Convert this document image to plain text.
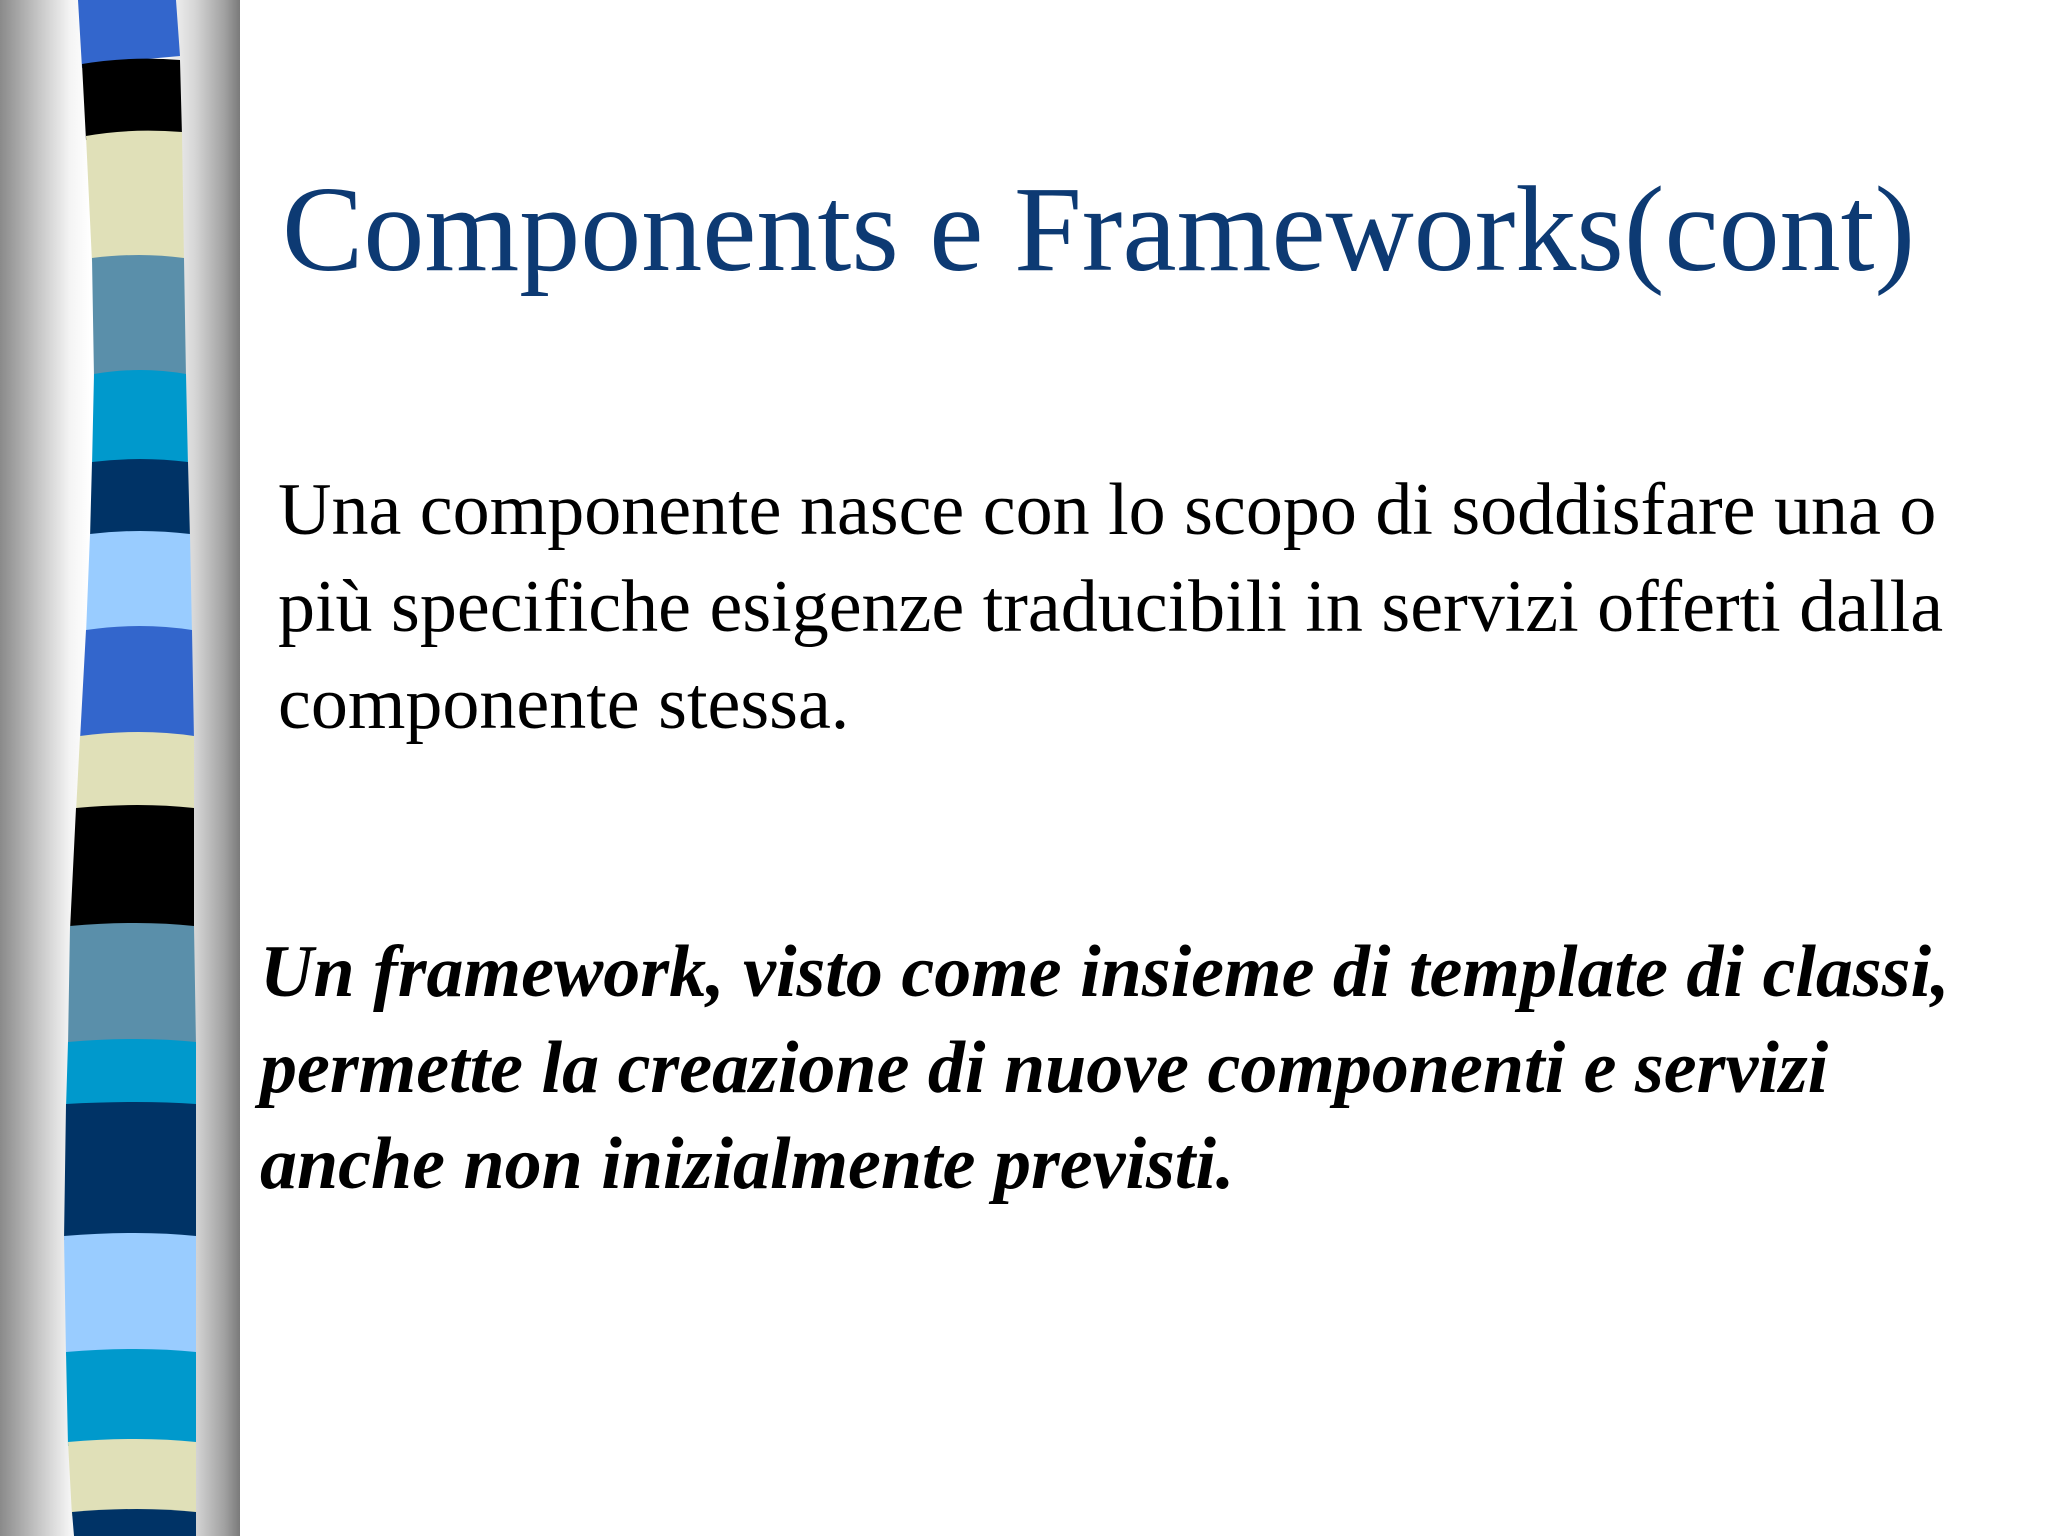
Components e Frameworks(cont)

Una componente nasce con lo scopo di soddisfare una o più specifiche esigenze traducibili in servizi offerti dalla componente stessa.

Un framework, visto come insieme di template di classi, permette la creazione di nuove componenti e servizi anche non inizialmente previsti.
